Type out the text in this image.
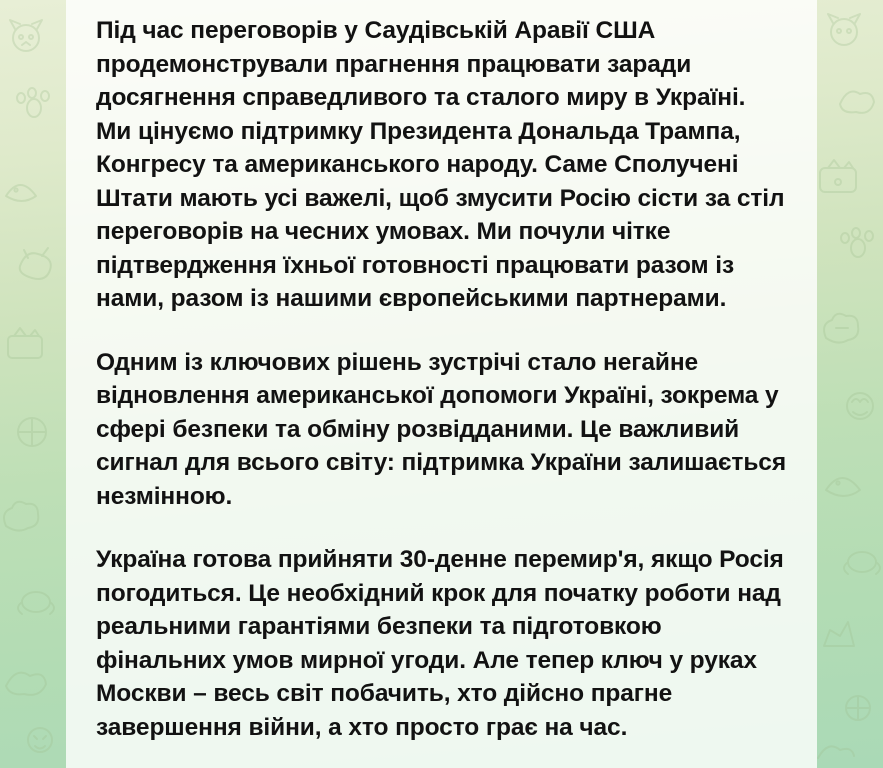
Під час переговорів у Саудівській Аравії США продемонстрували прагнення працювати заради досягнення справедливого та сталого миру в Україні. Ми цінуємо підтримку Президента Дональда Трампа, Конгресу та американського народу. Саме Сполучені Штати мають усі важелі, щоб змусити Росію сісти за стіл переговорів на чесних умовах. Ми почули чітке підтвердження їхньої готовності працювати разом із нами, разом із нашими європейськими партнерами.

Одним із ключових рішень зустрічі стало негайне відновлення американської допомоги Україні, зокрема у сфері безпеки та обміну розвідданими. Це важливий сигнал для всього світу: підтримка України залишається незмінною.

Україна готова прийняти 30-денне перемир'я, якщо Росія погодиться. Це необхідний крок для початку роботи над реальними гарантіями безпеки та підготовкою фінальних умов мирної угоди. Але тепер ключ у руках Москви – весь світ побачить, хто дійсно прагне завершення війни, а хто просто грає на час.
